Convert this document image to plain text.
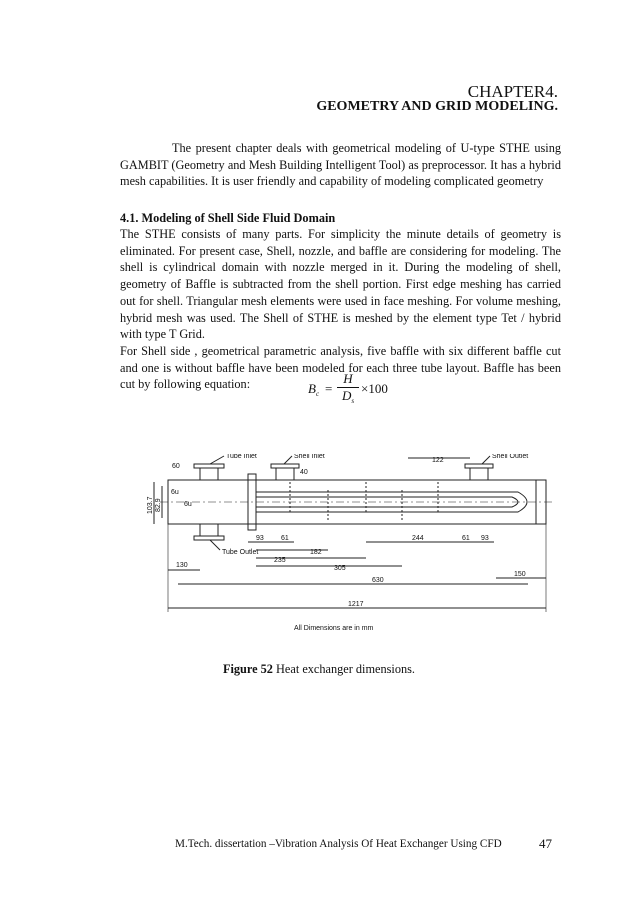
CHAPTER4.
GEOMETRY AND GRID MODELING.

The present chapter deals with geometrical modeling of U-type STHE using GAMBIT (Geometry and Mesh Building Intelligent Tool) as preprocessor. It has a hybrid mesh capabilities. It is user friendly and capability of modeling complicated geometry

4.1. Modeling of Shell Side Fluid Domain
The STHE consists of many parts. For simplicity the minute details of geometry is eliminated. For present case, Shell, nozzle, and baffle are considering for modeling. The shell is cylindrical domain with nozzle merged in it. During the modeling of shell, geometry of Baffle is subtracted from the shell portion. First edge meshing has carried out for shell. Triangular mesh elements were used in face meshing. For volume meshing, hybrid mesh was used. The Shell of STHE is meshed by the element type Tet / hybrid with type T Grid.
For Shell side , geometrical parametric analysis, five baffle with six different baffle cut and one is without baffle have been modeled for each three tube layout. Baffle has been cut by following equation:	$B_c$ =
H
$D_s$
×100
Tube Inlet	Shell Inlet	Shell Outlet
Tube Outlet
60
40
122
103.7 82.9
6u
6u
93 61
182
235
305
244	61 93
130
630
150
1217
All Dimensions are in mm

Figure 52 Heat exchanger dimensions.

M.Tech. dissertation –Vibration Analysis Of Heat Exchanger Using CFD	47
